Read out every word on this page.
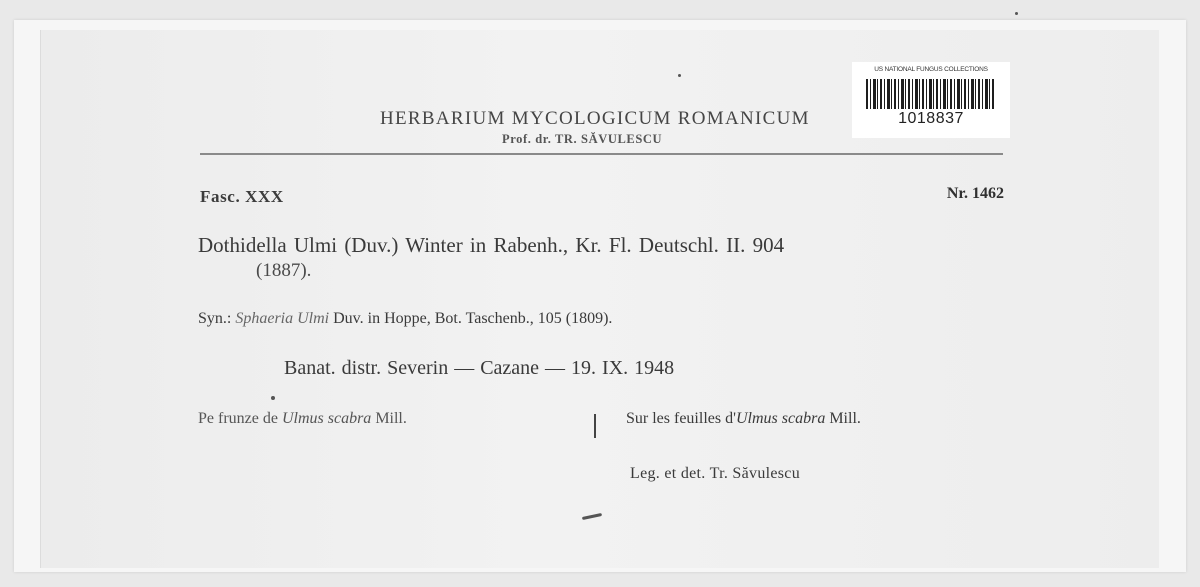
HERBARIUM MYCOLOGICUM ROMANICUM
Prof. dr. TR. SĂVULESCU
US NATIONAL FUNGUS COLLECTIONS
1018837
Fasc. XXX	Nr. 1462
Dothidella Ulmi (Duv.) Winter in Rabenh., Kr. Fl. Deutschl. II. 904
(1887).
Syn.: Sphaeria Ulmi Duv. in Hoppe, Bot. Taschenb., 105 (1809).
Banat. distr. Severin — Cazane — 19. IX. 1948
Pe frunze de Ulmus scabra Mill.	Sur les feuilles d'Ulmus scabra Mill.
Leg. et det. Tr. Săvulescu
